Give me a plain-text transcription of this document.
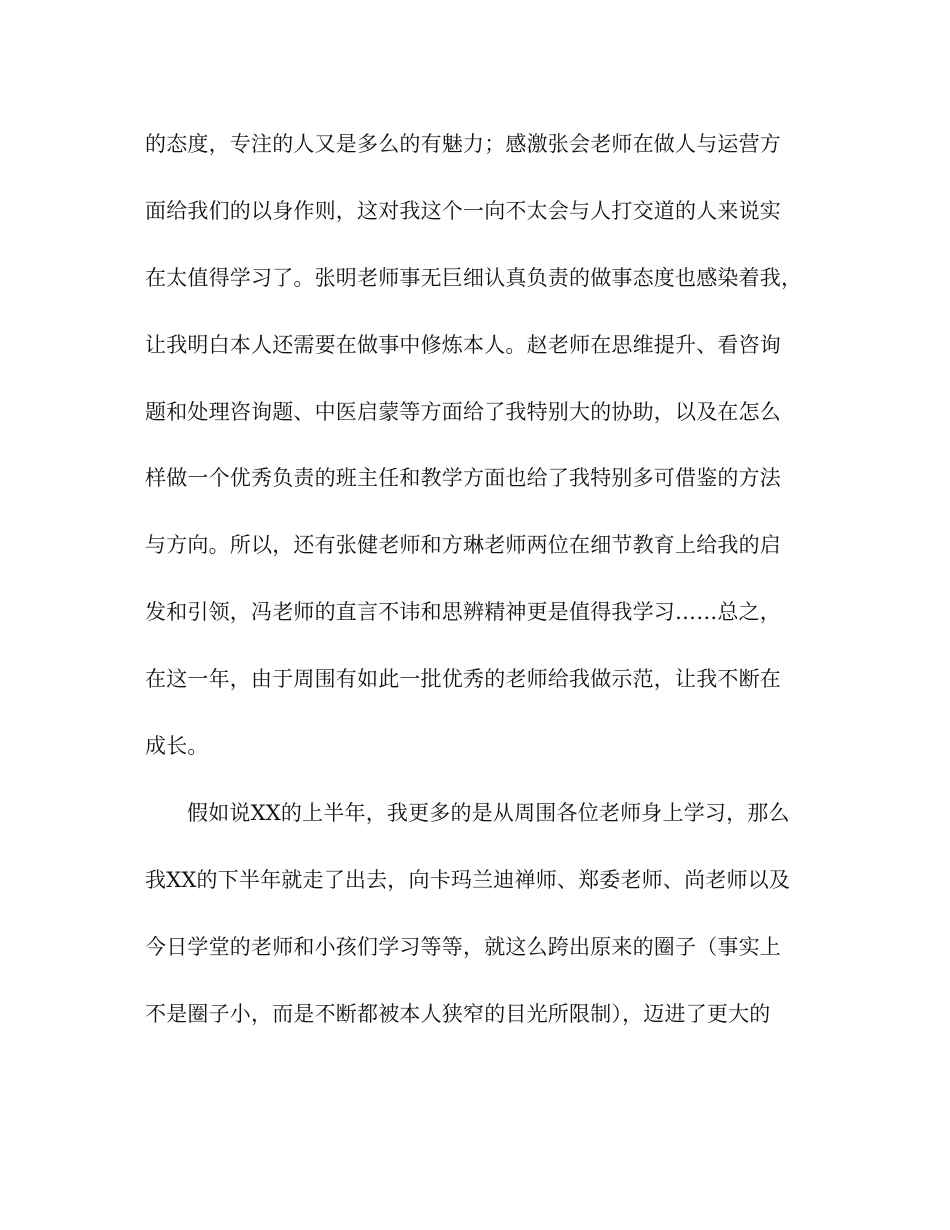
的态度，专注的人又是多么的有魅力；感激张会老师在做人与运营方
面给我们的以身作则，这对我这个一向不太会与人打交道的人来说实
在太值得学习了。张明老师事无巨细认真负责的做事态度也感染着我，
让我明白本人还需要在做事中修炼本人。赵老师在思维提升、看咨询
题和处理咨询题、中医启蒙等方面给了我特别大的协助，以及在怎么
样做一个优秀负责的班主任和教学方面也给了我特别多可借鉴的方法
与方向。所以，还有张健老师和方琳老师两位在细节教育上给我的启
发和引领，冯老师的直言不讳和思辨精神更是值得我学习……总之，
在这一年，由于周围有如此一批优秀的老师给我做示范，让我不断在
成长。
假如说XX的上半年，我更多的是从周围各位老师身上学习，那么
我XX的下半年就走了出去，向卡玛兰迪禅师、郑委老师、尚老师以及
今日学堂的老师和小孩们学习等等，就这么跨出原来的圈子（事实上
不是圈子小，而是不断都被本人狭窄的目光所限制），迈进了更大的
